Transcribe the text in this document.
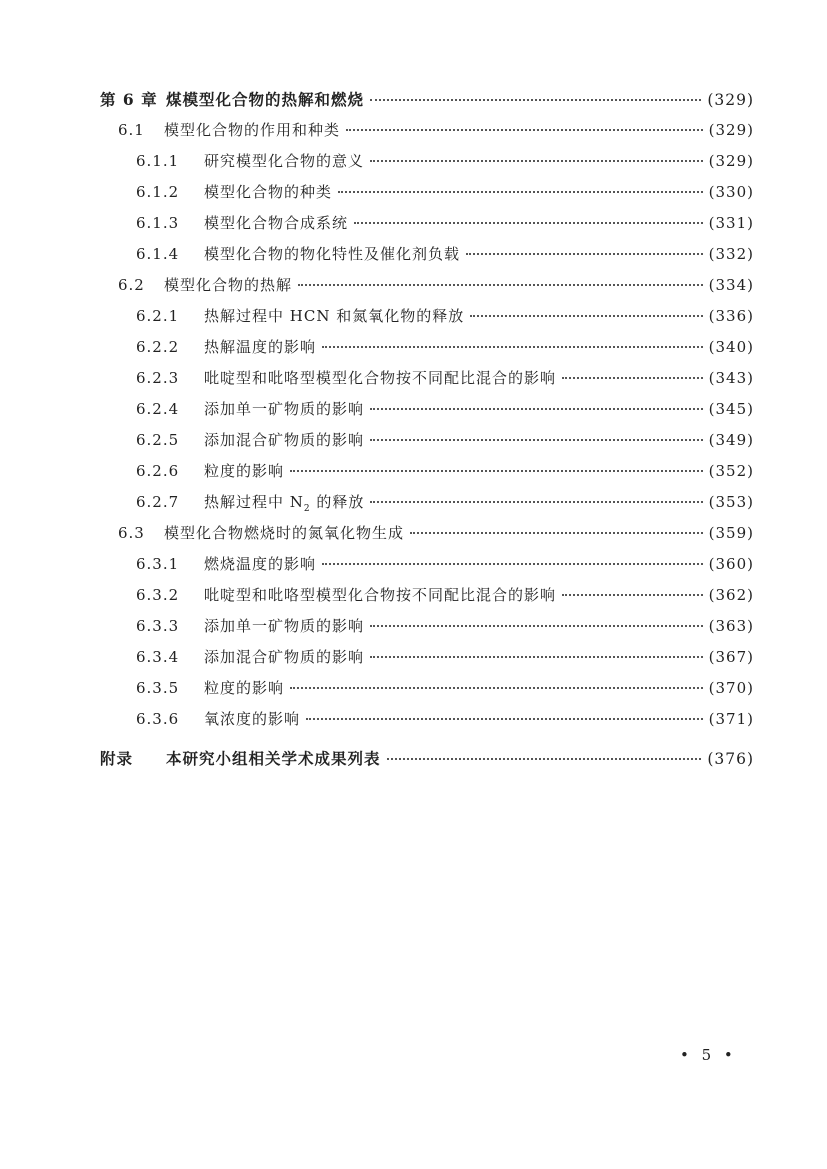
第 6 章 煤模型化合物的热解和燃烧	(329)
6.1	模型化合物的作用和种类	(329)
6.1.1	研究模型化合物的意义	(329)
6.1.2	模型化合物的种类	(330)
6.1.3	模型化合物合成系统	(331)
6.1.4	模型化合物的物化特性及催化剂负载	(332)
6.2	模型化合物的热解	(334)
6.2.1	热解过程中 HCN 和氮氧化物的释放	(336)
6.2.2	热解温度的影响	(340)
6.2.3	吡啶型和吡咯型模型化合物按不同配比混合的影响	(343)
6.2.4	添加单一矿物质的影响	(345)
6.2.5	添加混合矿物质的影响	(349)
6.2.6	粒度的影响	(352)
6.2.7	热解过程中 $N_2$ 的释放	(353)
6.3	模型化合物燃烧时的氮氧化物生成	(359)
6.3.1	燃烧温度的影响	(360)
6.3.2	吡啶型和吡咯型模型化合物按不同配比混合的影响	(362)
6.3.3	添加单一矿物质的影响	(363)
6.3.4	添加混合矿物质的影响	(367)
6.3.5	粒度的影响	(370)
6.3.6	氧浓度的影响	(371)
附录	本研究小组相关学术成果列表	(376)
• 5 •
